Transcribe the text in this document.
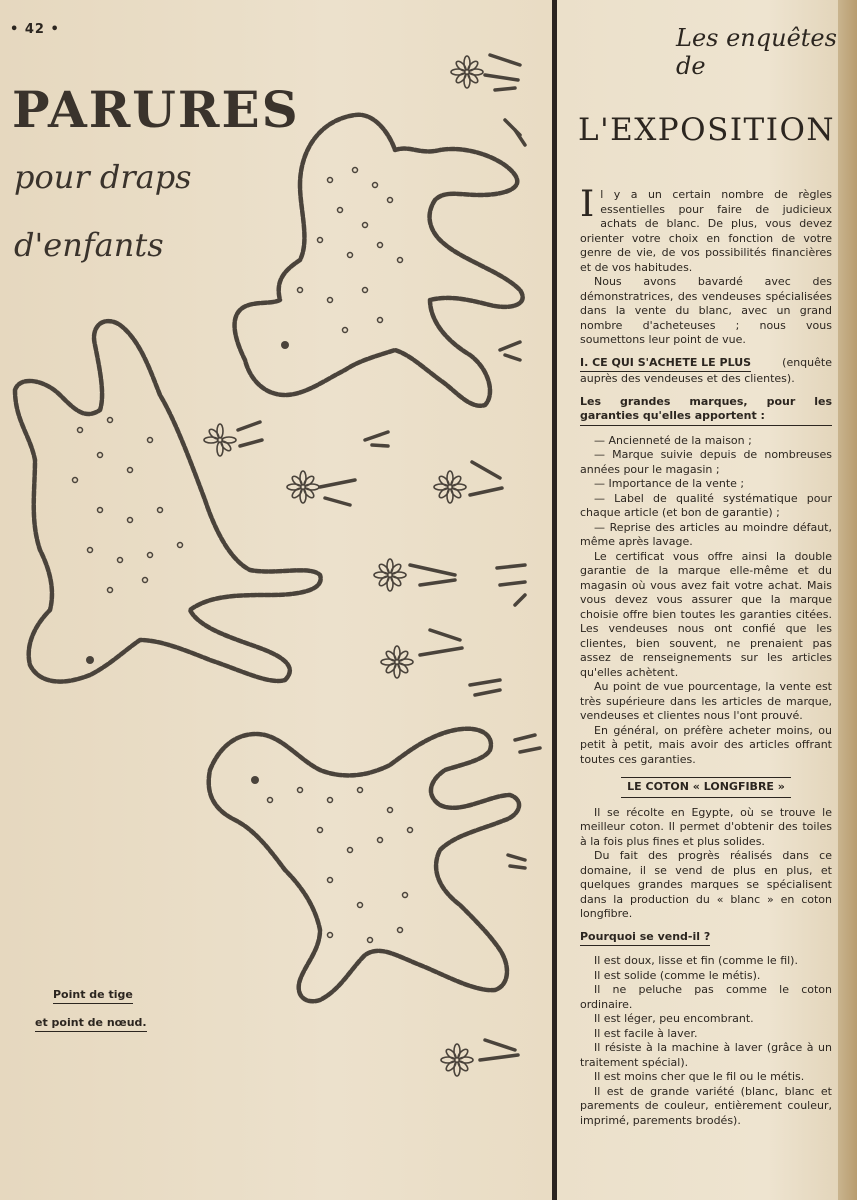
• 42 •
PARURES
pour draps
d'enfants
Point de tige
et point de nœud.
Les enquêtes de
L'EXPOSITION

Il y a un certain nombre de règles essentielles pour faire de judicieux achats de blanc. De plus, vous devez orienter votre choix en fonction de votre genre de vie, de vos possibilités financières et de vos habitudes.

Nous avons bavardé avec des démonstratrices, des vendeuses spécialisées dans la vente du blanc, avec un grand nombre d'acheteuses ; nous vous soumettons leur point de vue.

I. CE QUI S'ACHETE LE PLUS	(enquête auprès des vendeuses et des clientes).

Les grandes marques, pour les garanties qu'elles apportent :

— Ancienneté de la maison ;

— Marque suivie depuis de nombreuses années pour le magasin ;

— Importance de la vente ;

— Label de qualité systématique pour chaque article (et bon de garantie) ;

— Reprise des articles au moindre défaut, même après lavage.

Le certificat vous offre ainsi la double garantie de la marque elle-même et du magasin où vous avez fait votre achat. Mais vous devez vous assurer que la marque choisie offre bien toutes les garanties citées. Les vendeuses nous ont confié que les clientes, bien souvent, ne prenaient pas assez de renseignements sur les articles qu'elles achètent.

Au point de vue pourcentage, la vente est très supérieure dans les articles de marque, vendeuses et clientes nous l'ont prouvé.

En général, on préfère acheter moins, ou petit à petit, mais avoir des articles offrant toutes ces garanties.

LE COTON « LONGFIBRE »

Il se récolte en Egypte, où se trouve le meilleur coton. Il permet d'obtenir des toiles à la fois plus fines et plus solides.

Du fait des progrès réalisés dans ce domaine, il se vend de plus en plus, et quelques grandes marques se spécialisent dans la production du « blanc » en coton longfibre.

Pourquoi se vend-il ?

Il est doux, lisse et fin (comme le fil).

Il est solide (comme le métis).

Il ne peluche pas comme le coton ordinaire.

Il est léger, peu encombrant.

Il est facile à laver.

Il résiste à la machine à laver (grâce à un traitement spécial).

Il est moins cher que le fil ou le métis.

Il est de grande variété (blanc, blanc et parements de couleur, entièrement couleur, imprimé, parements brodés).
